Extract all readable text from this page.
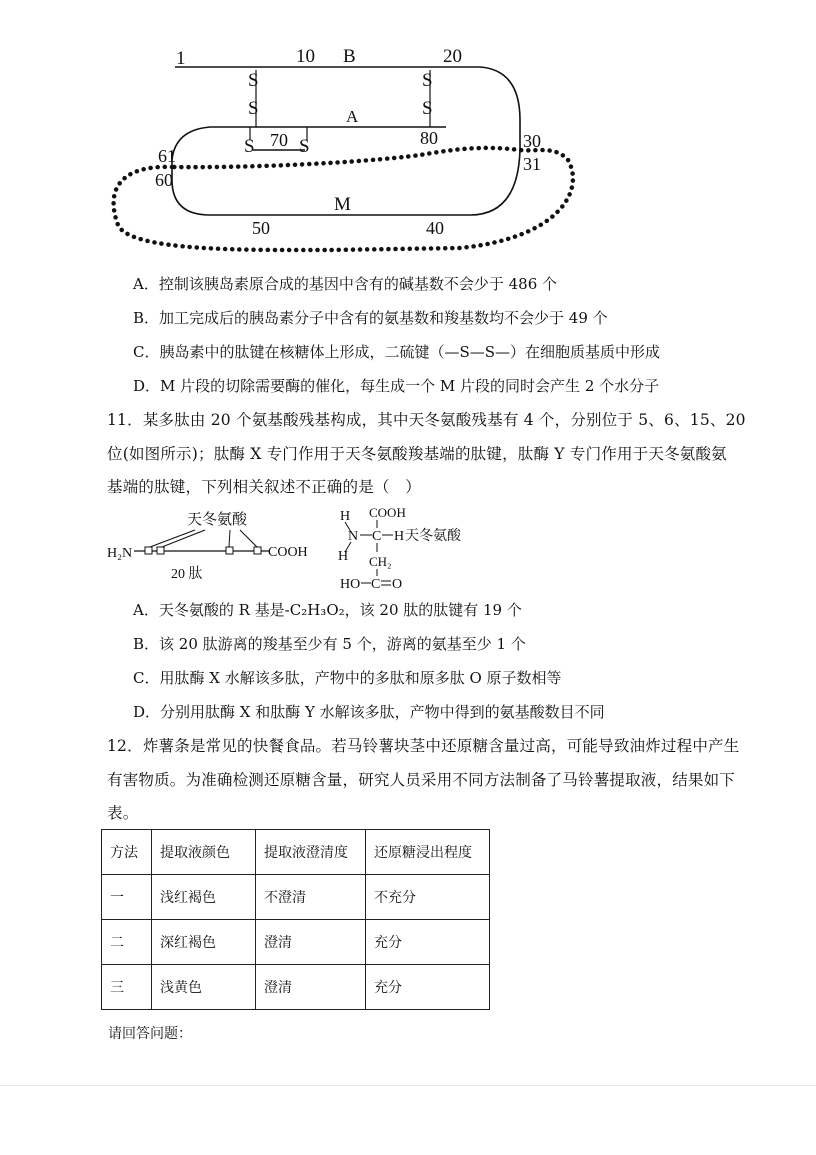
1	10 B	20
S
S
S
S
A
S 70 S	80	30
31
61
60
M
50	40
A．控制该胰岛素原合成的基因中含有的碱基数不会少于 486 个
B．加工完成后的胰岛素分子中含有的氨基数和羧基数均不会少于 49 个
C．胰岛素中的肽键在核糖体上形成，二硫键（—S—S—）在细胞质基质中形成
D．M 片段的切除需要酶的催化，每生成一个 M 片段的同时会产生 2 个水分子
11．某多肽由 20 个氨基酸残基构成，其中天冬氨酸残基有 4 个，分别位于 5、6、15、20
位(如图所示)；肽酶 X 专门作用于天冬氨酸羧基端的肽键，肽酶 Y 专门作用于天冬氨酸氨
基端的肽键，下列相关叙述不正确的是（　）
天冬氨酸
H₂N	COOH
20 肽
H COOH
N C H 天冬氨酸
H CH₂
HO C O
A．天冬氨酸的 R 基是-C₂H₃O₂，该 20 肽的肽键有 19 个
B．该 20 肽游离的羧基至少有 5 个，游离的氨基至少 1 个
C．用肽酶 X 水解该多肽，产物中的多肽和原多肽 O 原子数相等
D．分别用肽酶 X 和肽酶 Y 水解该多肽，产物中得到的氨基酸数目不同
12．炸薯条是常见的快餐食品。若马铃薯块茎中还原糖含量过高，可能导致油炸过程中产生
有害物质。为准确检测还原糖含量，研究人员采用不同方法制备了马铃薯提取液，结果如下
表。
方法	提取液颜色	提取液澄清度	还原糖浸出程度
一	浅红褐色	不澄清	不充分
二	深红褐色	澄清	充分
三	浅黄色	澄清	充分
请回答问题：
